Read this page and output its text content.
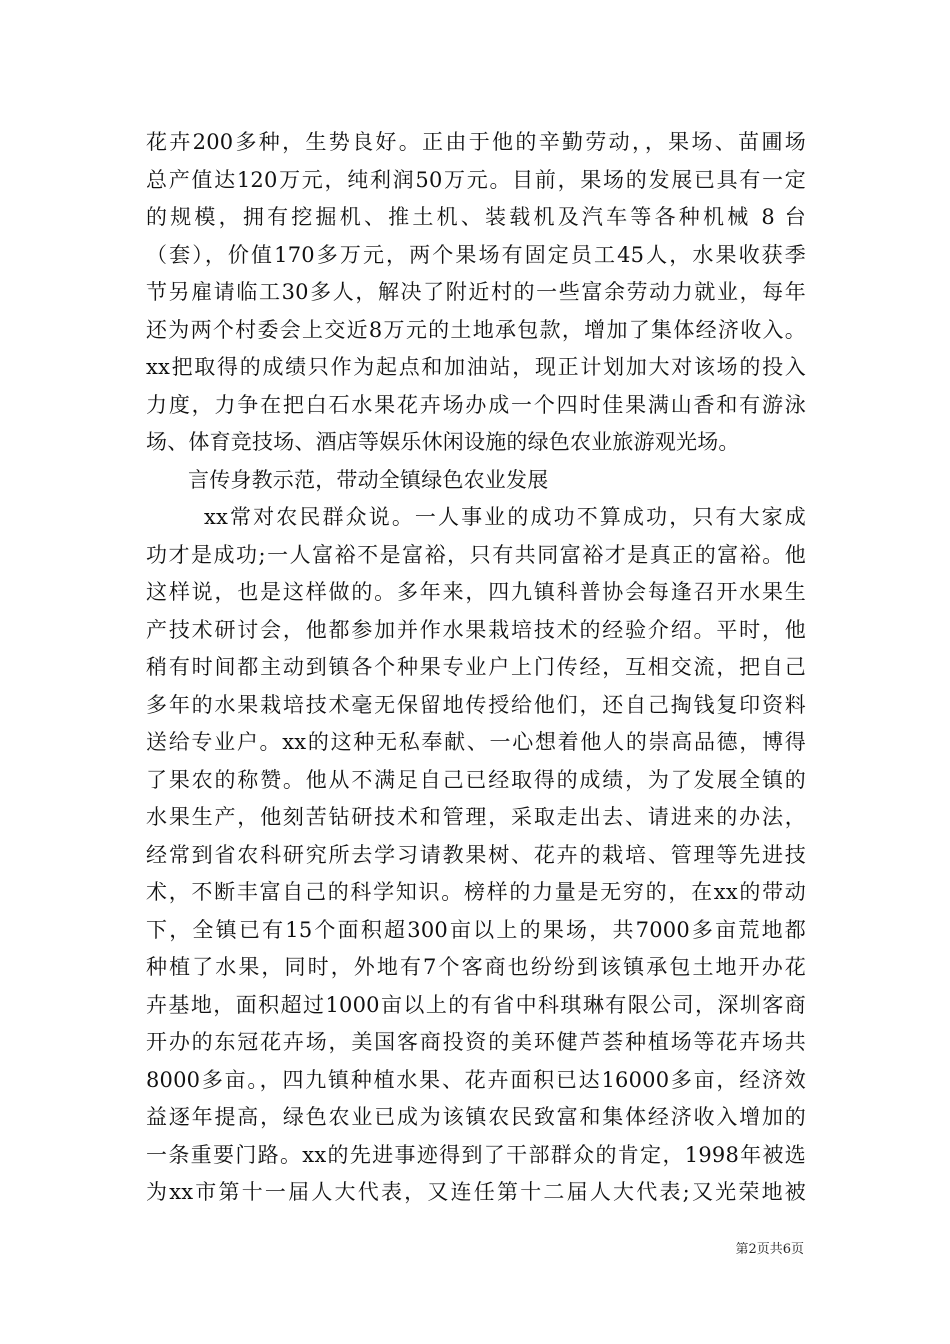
花卉200多种，生势良好。正由于他的辛勤劳动，，果场、苗圃场
总产值达120万元，纯利润50万元。目前，果场的发展已具有一定
的规模，拥有挖掘机、推土机、装载机及汽车等各种机械 8 台
（套），价值170多万元，两个果场有固定员工45人，水果收获季
节另雇请临工30多人，解决了附近村的一些富余劳动力就业，每年
还为两个村委会上交近8万元的土地承包款，增加了集体经济收入。
xx把取得的成绩只作为起点和加油站，现正计划加大对该场的投入
力度，力争在把白石水果花卉场办成一个四时佳果满山香和有游泳
场、体育竞技场、酒店等娱乐休闲设施的绿色农业旅游观光场。
言传身教示范，带动全镇绿色农业发展
xx常对农民群众说。一人事业的成功不算成功，只有大家成
功才是成功;一人富裕不是富裕，只有共同富裕才是真正的富裕。他
这样说，也是这样做的。多年来，四九镇科普协会每逢召开水果生
产技术研讨会，他都参加并作水果栽培技术的经验介绍。平时，他
稍有时间都主动到镇各个种果专业户上门传经，互相交流，把自己
多年的水果栽培技术毫无保留地传授给他们，还自己掏钱复印资料
送给专业户。xx的这种无私奉献、一心想着他人的崇高品德，博得
了果农的称赞。他从不满足自己已经取得的成绩，为了发展全镇的
水果生产，他刻苦钻研技术和管理，采取走出去、请进来的办法，
经常到省农科研究所去学习请教果树、花卉的栽培、管理等先进技
术，不断丰富自己的科学知识。榜样的力量是无穷的，在xx的带动
下，全镇已有15个面积超300亩以上的果场，共7000多亩荒地都
种植了水果，同时，外地有7个客商也纷纷到该镇承包土地开办花
卉基地，面积超过1000亩以上的有省中科琪琳有限公司，深圳客商
开办的东冠花卉场，美国客商投资的美环健芦荟种植场等花卉场共
8000多亩。，四九镇种植水果、花卉面积已达16000多亩，经济效
益逐年提高，绿色农业已成为该镇农民致富和集体经济收入增加的
一条重要门路。xx的先进事迹得到了干部群众的肯定，1998年被选
为xx市第十一届人大代表，又连任第十二届人大代表;又光荣地被
第2页共6页
